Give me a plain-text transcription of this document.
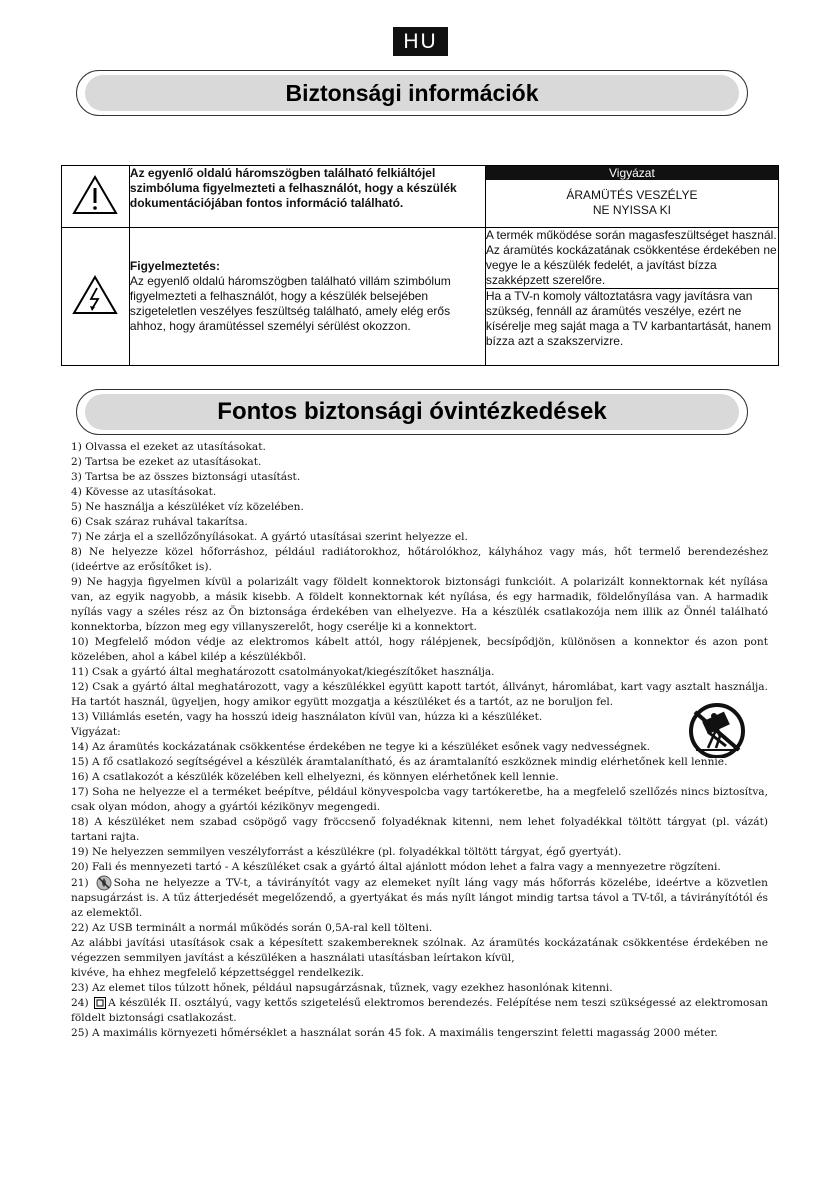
HU
Biztonsági információk
	Az egyenlő oldalú háromszögben található felkiáltójel szimbóluma figyelmezteti a felhasználót, hogy a készülék dokumentációjában fontos információ található.	Vigyázat
ÁRAMÜTÉS VESZÉLYE
NE NYISSA KI

Figyelmeztetés:
Az egyenlő oldalú háromszögben található villám szimbólum figyelmezteti a felhasználót, hogy a készülék belsejében szigeteletlen veszélyes feszültség található, amely elég erős ahhoz, hogy áramütéssel személyi sérülést okozzon.	A termék működése során magasfeszültséget használ. Az áramütés kockázatának csökkentése érdekében ne vegye le a készülék fedelét, a javítást bízza szakképzett szerelőre.
		Ha a TV-n komoly változtatásra vagy javításra van szükség, fennáll az áramütés veszélye, ezért ne kísérelje meg saját maga a TV karbantartását, hanem bízza azt a szakszervizre.
Fontos biztonsági óvintézkedések

1) Olvassa el ezeket az utasításokat.

2) Tartsa be ezeket az utasításokat.

3) Tartsa be az összes biztonsági utasítást.

4) Kövesse az utasításokat.

5) Ne használja a készüléket víz közelében.

6) Csak száraz ruhával takarítsa.

7) Ne zárja el a szellőzőnyílásokat. A gyártó utasításai szerint helyezze el.

8) Ne helyezze közel hőforráshoz, például radiátorokhoz, hőtárolókhoz, kályhához vagy más, hőt termelő berendezéshez (ideértve az erősítőket is).

9) Ne hagyja figyelmen kívül a polarizált vagy földelt konnektorok biztonsági funkcióit. A polarizált konnektornak két nyílása van, az egyik nagyobb, a másik kisebb. A földelt konnektornak két nyílása, és egy harmadik, földelőnyílása van. A harmadik nyílás vagy a széles rész az Ön biztonsága érdekében van elhelyezve. Ha a készülék csatlakozója nem illik az Önnél található konnektorba, bízzon meg egy villanyszerelőt, hogy cserélje ki a konnektort.

10) Megfelelő módon védje az elektromos kábelt attól, hogy rálépjenek, becsípődjön, különösen a konnektor és azon pont közelében, ahol a kábel kilép a készülékből.

11) Csak a gyártó által meghatározott csatolmányokat/kiegészítőket használja.

12) Csak a gyártó által meghatározott, vagy a készülékkel együtt kapott tartót, állványt, háromlábat, kart vagy asztalt használja. Ha tartót használ, ügyeljen, hogy amikor együtt mozgatja a készüléket és a tartót, az ne boruljon fel.

13) Villámlás esetén, vagy ha hosszú ideig használaton kívül van, húzza ki a készüléket.

Vigyázat:

14) Az áramütés kockázatának csökkentése érdekében ne tegye ki a készüléket esőnek vagy nedvességnek.

15) A fő csatlakozó segítségével a készülék áramtalanítható, és az áramtalanító eszköznek mindig elérhetőnek kell lennie.

16) A csatlakozót a készülék közelében kell elhelyezni, és könnyen elérhetőnek kell lennie.

17) Soha ne helyezze el a terméket beépítve, például könyvespolcba vagy tartókeretbe, ha a megfelelő szellőzés nincs biztosítva, csak olyan módon, ahogy a gyártói kézikönyv megengedi.

18) A készüléket nem szabad csöpögő vagy fröccsenő folyadéknak kitenni, nem lehet folyadékkal töltött tárgyat (pl. vázát) tartani rajta.

19) Ne helyezzen semmilyen veszélyforrást a készülékre (pl. folyadékkal töltött tárgyat, égő gyertyát).

20) Fali és mennyezeti tartó - A készüléket csak a gyártó által ajánlott módon lehet a falra vagy a mennyezetre rögzíteni.

21) Soha ne helyezze a TV-t, a távirányítót vagy az elemeket nyílt láng vagy más hőforrás közelébe, ideértve a közvetlen napsugárzást is. A tűz átterjedését megelőzendő, a gyertyákat és más nyílt lángot mindig tartsa távol a TV-től, a távirányítótól és az elemektől.

22) Az USB terminált a normál működés során 0,5A-ral kell tölteni.

Az alábbi javítási utasítások csak a képesített szakembereknek szólnak. Az áramütés kockázatának csökkentése érdekében ne végezzen semmilyen javítást a készüléken a használati utasításban leírtakon kívül,

kivéve, ha ehhez megfelelő képzettséggel rendelkezik.

23) Az elemet tilos túlzott hőnek, például napsugárzásnak, tűznek, vagy ezekhez hasonlónak kitenni.

24) A készülék II. osztályú, vagy kettős szigetelésű elektromos berendezés. Felépítése nem teszi szükségessé az elektromosan földelt biztonsági csatlakozást.

25) A maximális környezeti hőmérséklet a használat során 45 fok. A maximális tengerszint feletti magasság 2000 méter.
